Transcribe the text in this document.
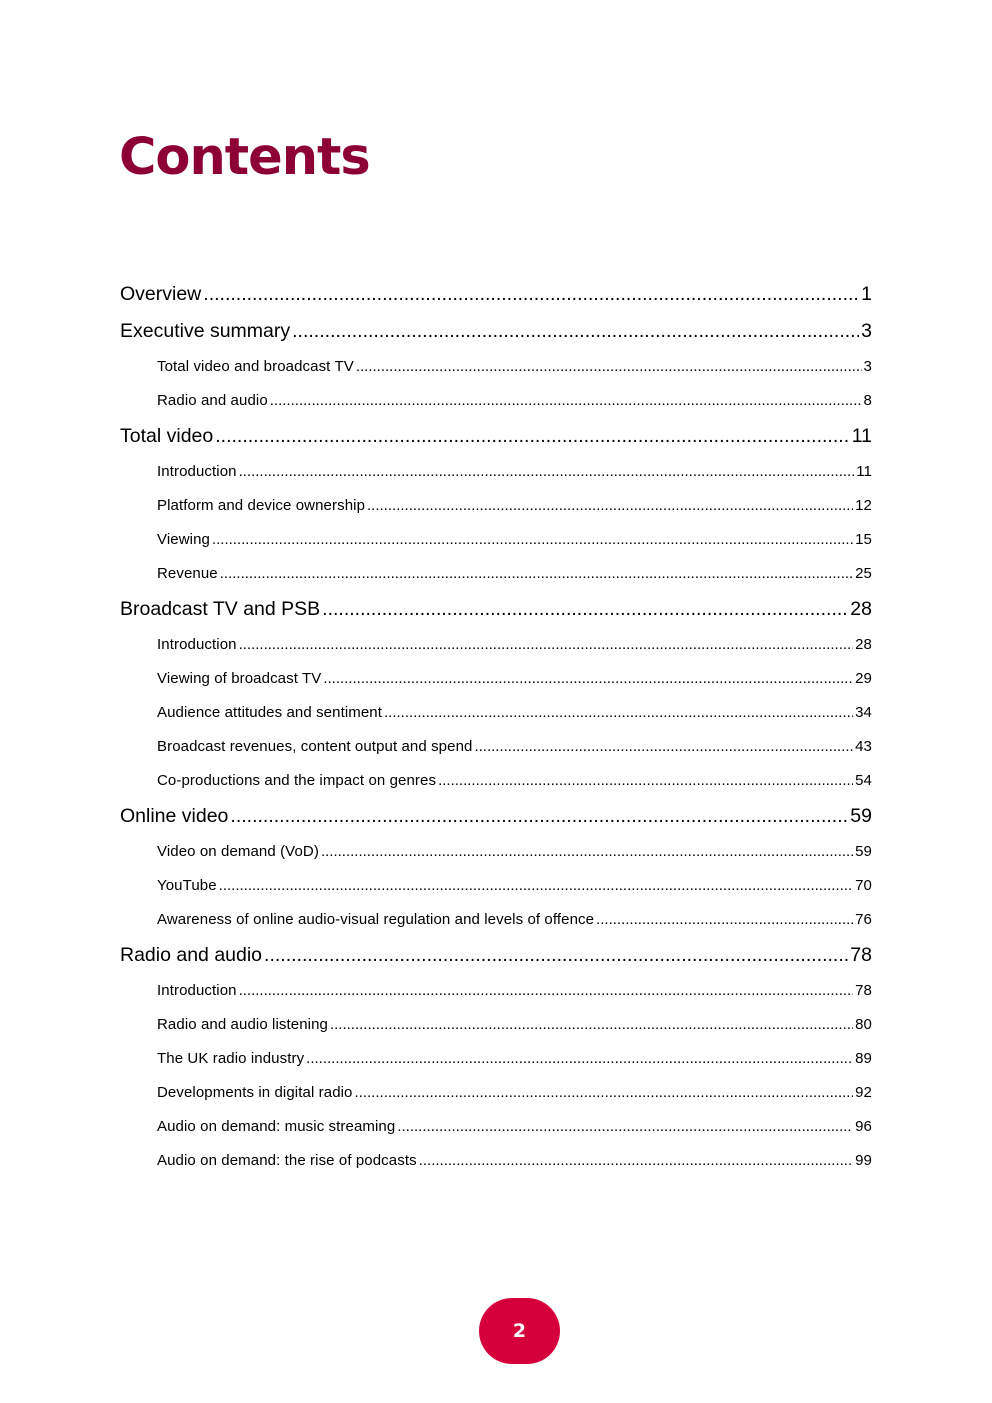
Contents
Overview .....	1
Executive summary .....	3
Total video and broadcast TV .....	3
Radio and audio .....	8
Total video .....	11
Introduction .....	11
Platform and device ownership .....	12
Viewing .....	15
Revenue .....	25
Broadcast TV and PSB .....	28
Introduction .....	28
Viewing of broadcast TV .....	29
Audience attitudes and sentiment .....	34
Broadcast revenues, content output and spend .....	43
Co-productions and the impact on genres .....	54
Online video .....	59
Video on demand (VoD) .....	59
YouTube .....	70
Awareness of online audio-visual regulation and levels of offence .....	76
Radio and audio .....	78
Introduction .....	78
Radio and audio listening .....	80
The UK radio industry .....	89
Developments in digital radio .....	92
Audio on demand: music streaming .....	96
Audio on demand: the rise of podcasts .....	99
2
